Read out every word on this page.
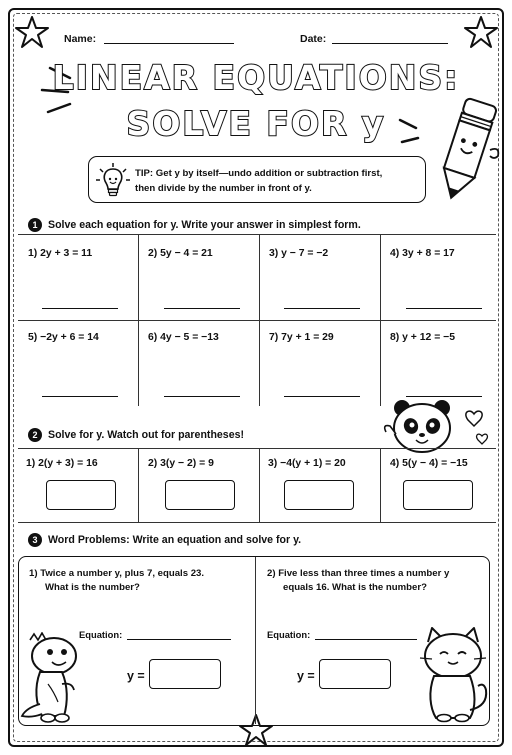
Name:	Date:
LINEAR EQUATIONS:
SOLVE FOR y
TIP: Get y by itself—undo addition or subtraction first,
then divide by the number in front of y.
1 Solve each equation for y. Write your answer in simplest form.
1) 2y + 3 = 11	2) 5y − 4 = 21	3) y − 7 = −2	4) 3y + 8 = 17
5) −2y + 6 = 14	6) 4y − 5 = −13	7) 7y + 1 = 29	8) y + 12 = −5
2 Solve for y. Watch out for parentheses!
1) 2(y + 3) = 16	2) 3(y − 2) = 9	3) −4(y + 1) = 20	4) 5(y − 4) = −15
3 Word Problems: Write an equation and solve for y.
1) Twice a number y, plus 7, equals 23.
What is the number?
2) Five less than three times a number y
equals 16. What is the number?
Equation:	Equation:
y =	y =
